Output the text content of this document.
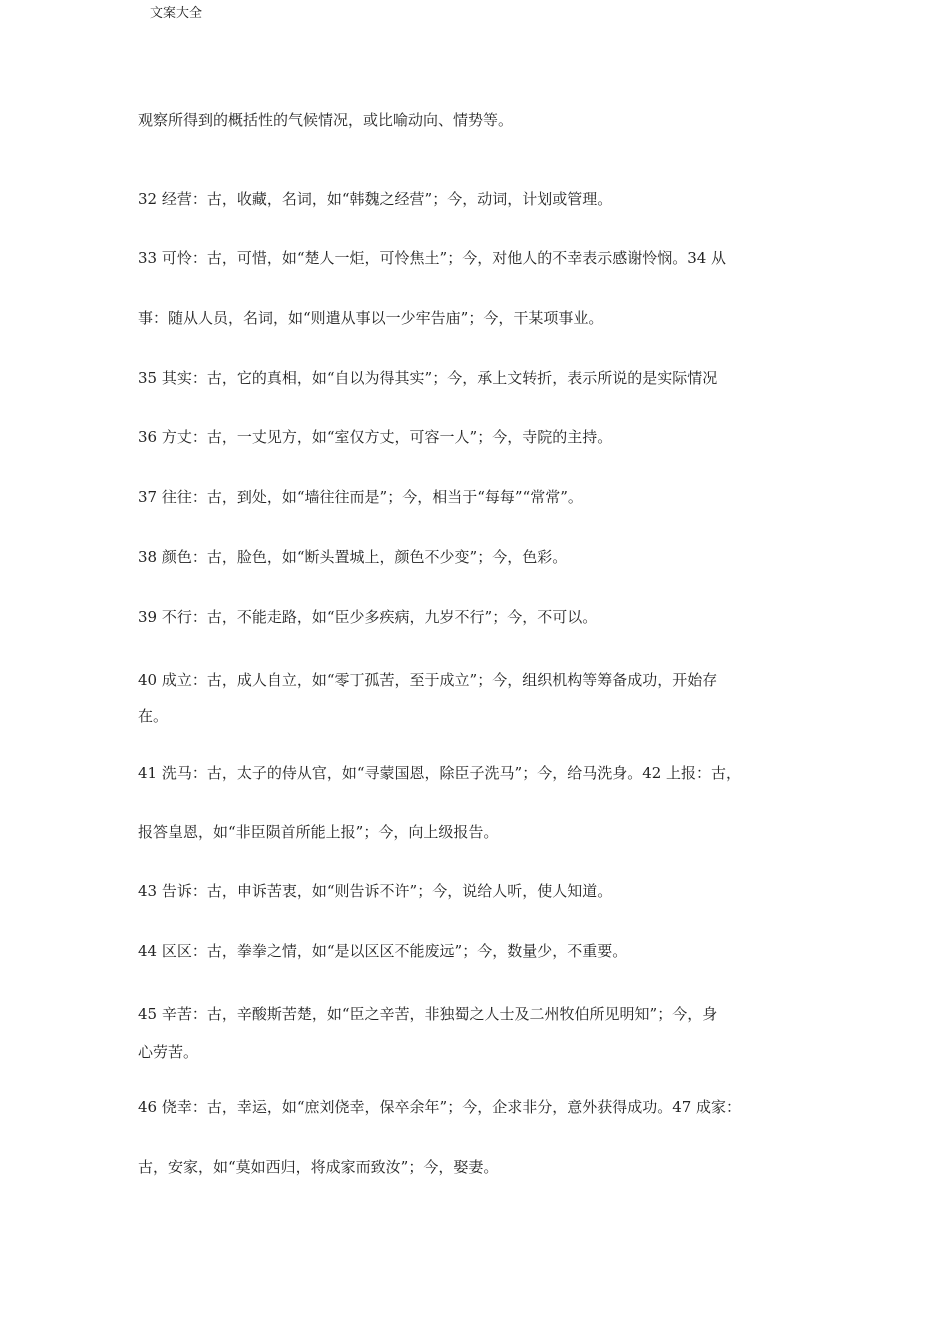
文案大全
观察所得到的概括性的气候情况，或比喻动向、情势等。
32 经营：古，收藏，名词，如“韩魏之经营”；今，动词，计划或管理。
33 可怜：古，可惜，如“楚人一炬，可怜焦土”；今，对他人的不幸表示感谢怜悯。34 从
事：随从人员，名词，如“则遣从事以一少牢告庙”；今，干某项事业。
35 其实：古，它的真相，如“自以为得其实”；今，承上文转折，表示所说的是实际情况
36 方丈：古，一丈见方，如“室仅方丈，可容一人”；今，寺院的主持。
37 往往：古，到处，如“墙往往而是”；今，相当于“每每”“常常”。
38 颜色：古，脸色，如“断头置城上，颜色不少变”；今，色彩。
39 不行：古，不能走路，如“臣少多疾病，九岁不行”；今，不可以。
40 成立：古，成人自立，如“零丁孤苦，至于成立”；今，组织机构等筹备成功，开始存
在。
41 洗马：古，太子的侍从官，如“寻蒙国恩，除臣子洗马”；今，给马洗身。42 上报：古，
报答皇恩，如“非臣陨首所能上报”；今，向上级报告。
43 告诉：古，申诉苦衷，如“则告诉不许”；今，说给人听，使人知道。
44 区区：古，拳拳之情，如“是以区区不能废远”；今，数量少，不重要。
45 辛苦：古，辛酸斯苦楚，如“臣之辛苦，非独蜀之人士及二州牧伯所见明知”；今，身
心劳苦。
46 侥幸：古，幸运，如“庶刘侥幸，保卒余年”；今，企求非分，意外获得成功。47 成家：
古，安家，如“莫如西归，将成家而致汝”；今，娶妻。
